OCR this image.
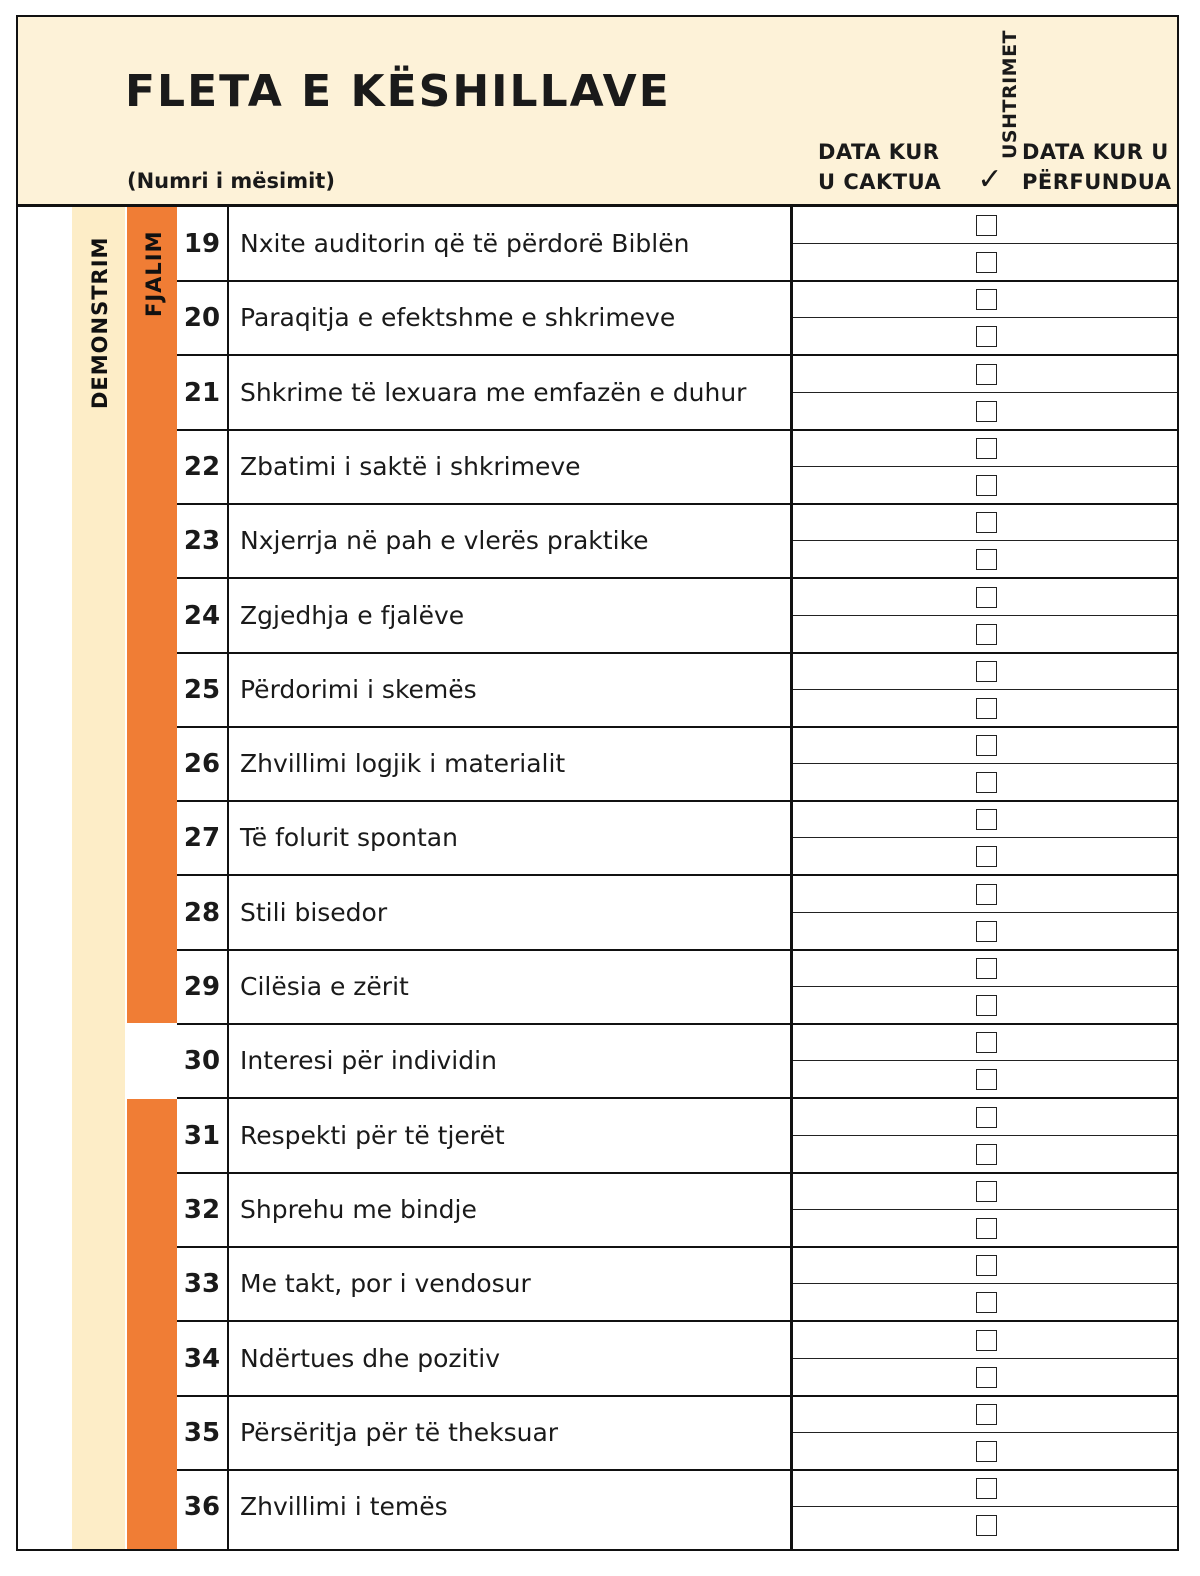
FLETA E KËSHILLAVE
(Numri i mësimit)
DATA KUR
U CAKTUA
USHTRIMET
✓
DATA KUR U
PËRFUNDUA
DEMONSTRIM FJALIM 19 Nxite auditorin që të përdorë Biblën
20 Paraqitja e efektshme e shkrimeve
21 Shkrime të lexuara me emfazën e duhur
22 Zbatimi i saktë i shkrimeve
23 Nxjerrja në pah e vlerës praktike
24 Zgjedhja e fjalëve
25 Përdorimi i skemës
26 Zhvillimi logjik i materialit
27 Të folurit spontan
28 Stili bisedor
29 Cilësia e zërit
30 Interesi për individin
31 Respekti për të tjerët
32 Shprehu me bindje
33 Me takt, por i vendosur
34 Ndërtues dhe pozitiv
35 Përsëritja për të theksuar
36 Zhvillimi i temës
